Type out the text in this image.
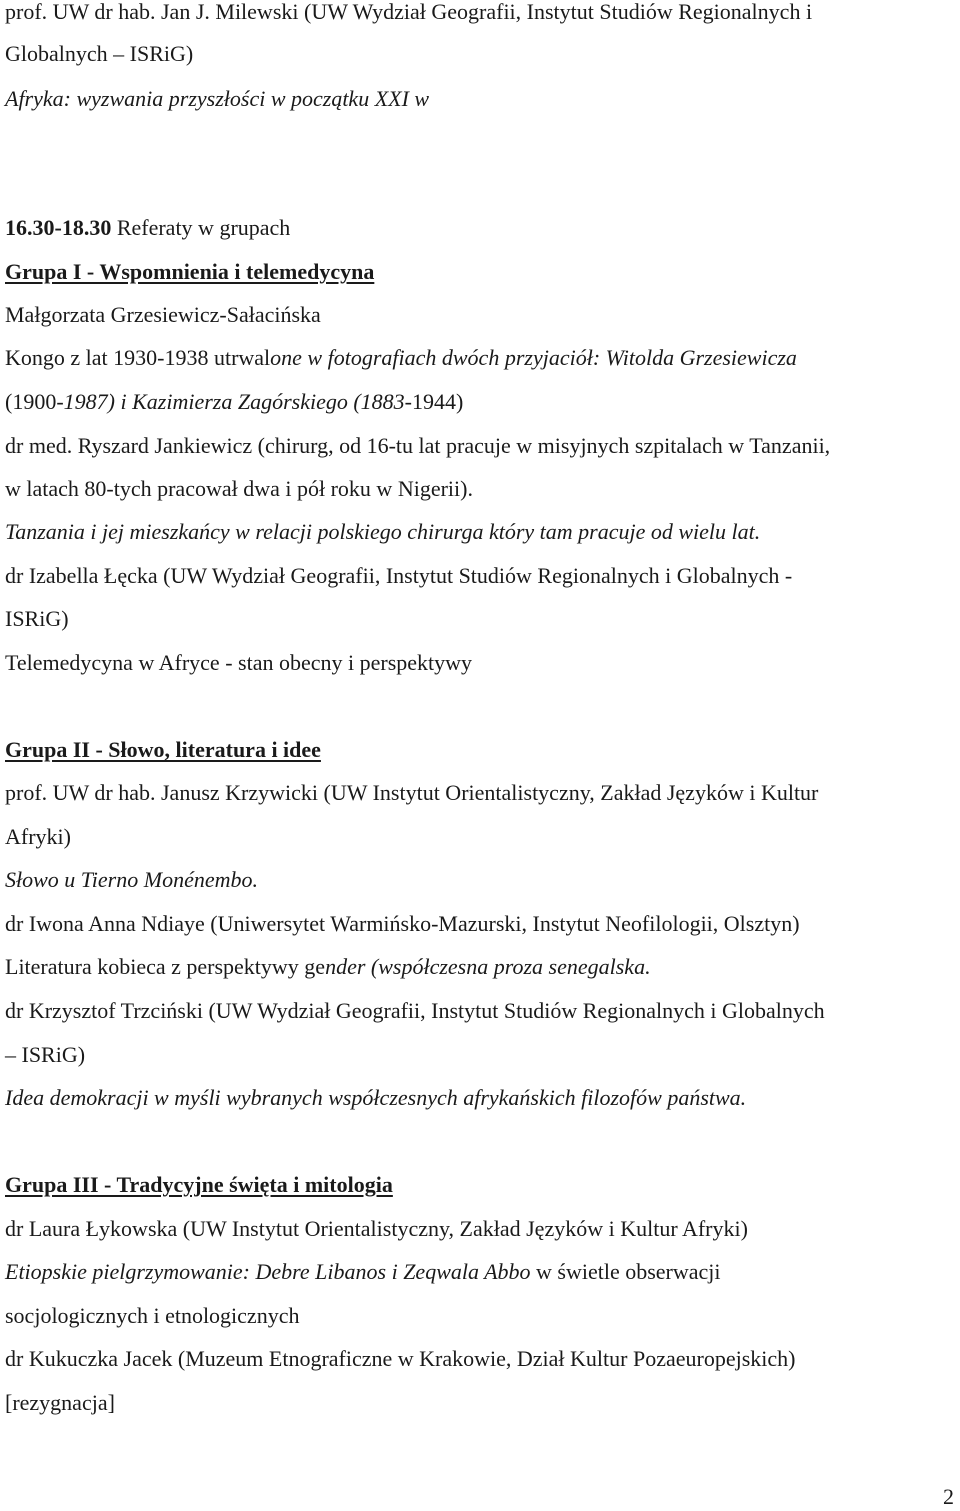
prof. UW dr hab. Jan J. Milewski (UW Wydział Geografii, Instytut Studiów Regionalnych i
Globalnych – ISRiG)
Afryka: wyzwania przyszłości w początku XXI w
16.30-18.30 Referaty w grupach
Grupa I - Wspomnienia i telemedycyna
Małgorzata Grzesiewicz-Sałacińska
Kongo z lat 1930-1938 utrwalone w fotografiach dwóch przyjaciół: Witolda Grzesiewicza
(1900-1987) i Kazimierza Zagórskiego (1883-1944)
dr med. Ryszard Jankiewicz (chirurg, od 16-tu lat pracuje w misyjnych szpitalach w Tanzanii,
w latach 80-tych pracował dwa i pół roku w Nigerii).
Tanzania i jej mieszkańcy w relacji polskiego chirurga który tam pracuje od wielu lat.
dr Izabella Łęcka (UW Wydział Geografii, Instytut Studiów Regionalnych i Globalnych -
ISRiG)
Telemedycyna w Afryce - stan obecny i perspektywy
Grupa II - Słowo, literatura i idee
prof. UW dr hab. Janusz Krzywicki (UW Instytut Orientalistyczny, Zakład Języków i Kultur
Afryki)
Słowo u Tierno Monénembo.
dr Iwona Anna Ndiaye (Uniwersytet Warmińsko-Mazurski, Instytut Neofilologii, Olsztyn)
Literatura kobieca z perspektywy gender (współczesna proza senegalska.
dr Krzysztof Trzciński (UW Wydział Geografii, Instytut Studiów Regionalnych i Globalnych
– ISRiG)
Idea demokracji w myśli wybranych współczesnych afrykańskich filozofów państwa.
Grupa III - Tradycyjne święta i mitologia
dr Laura Łykowska (UW Instytut Orientalistyczny, Zakład Języków i Kultur Afryki)
Etiopskie pielgrzymowanie: Debre Libanos i Zeqwala Abbo w świetle obserwacji
socjologicznych i etnologicznych
dr Kukuczka Jacek (Muzeum Etnograficzne w Krakowie, Dział Kultur Pozaeuropejskich)
[rezygnacja]
2
